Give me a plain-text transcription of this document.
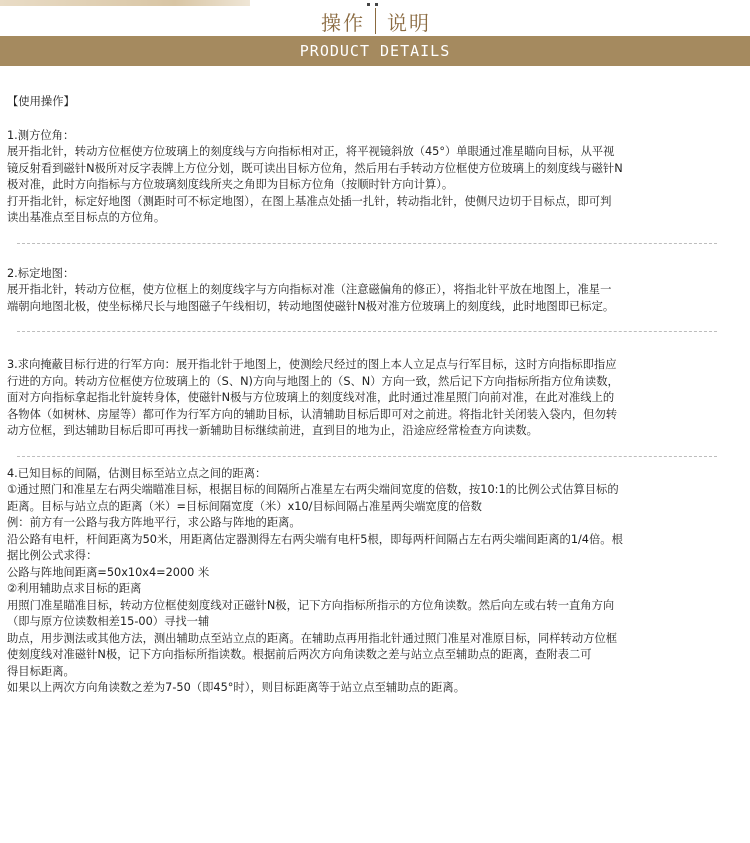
操作 说明
PRODUCT DETAILS

【使用操作】

1.测方位角：

展开指北针，转动方位框使方位玻璃上的刻度线与方向指标相对正，将平视镜斜放（45°）单眼通过准星瞄向目标，从平视

镜反射看到磁针N极所对反字表牌上方位分划，既可读出目标方位角，然后用右手转动方位框使方位玻璃上的刻度线与磁针N

极对准，此时方向指标与方位玻璃刻度线所夹之角即为目标方位角（按顺时针方向计算）。

打开指北针，标定好地图（测距时可不标定地图），在图上基准点处插一扎针，转动指北针，使侧尺边切于目标点，即可判

读出基准点至目标点的方位角。

2.标定地图：

展开指北针，转动方位框，使方位框上的刻度线字与方向指标对准（注意磁偏角的修正），将指北针平放在地图上，准星一

端朝向地图北极，使坐标梯尺长与地图磁子午线相切，转动地图使磁针N极对准方位玻璃上的刻度线，此时地图即已标定。

3.求向掩蔽目标行进的行军方向：展开指北针于地图上，使测绘尺经过的图上本人立足点与行军目标，这时方向指标即指应

行进的方向。转动方位框使方位玻璃上的（S、N)方向与地图上的（S、N）方向一致，然后记下方向指标所指方位角读数，

面对方向指标拿起指北针旋转身体，使磁针N极与方位玻璃上的刻度线对准，此时通过准星照门向前对准，在此对准线上的

各物体（如树林、房屋等）都可作为行军方向的辅助目标，认清辅助目标后即可对之前进。将指北针关闭装入袋内，但勿转

动方位框，到达辅助目标后即可再找一新辅助目标继续前进，直到目的地为止，沿途应经常检查方向读数。

4.已知目标的间隔，估测目标至站立点之间的距离：

①通过照门和准星左右两尖端瞄准目标，根据目标的间隔所占准星左右两尖端间宽度的倍数，按10:1的比例公式估算目标的

距离。目标与站立点的距离（米）=目标间隔宽度（米）x10/目标间隔占准星两尖端宽度的倍数

例：前方有一公路与我方阵地平行，求公路与阵地的距离。

沿公路有电杆，杆间距离为50米，用距离估定器测得左右两尖端有电杆5根，即每两杆间隔占左右两尖端间距离的1/4倍。根

据比例公式求得：

公路与阵地间距离=50x10x4=2000 米

②利用辅助点求目标的距离

用照门准星瞄准目标，转动方位框使刻度线对正磁针N极，记下方向指标所指示的方位角读数。然后向左或右转一直角方向

（即与原方位读数相差15-00）寻找一辅

助点，用步测法或其他方法，测出辅助点至站立点的距离。在辅助点再用指北针通过照门准星对准原目标，同样转动方位框

使刻度线对准磁针N极，记下方向指标所指读数。根据前后两次方向角读数之差与站立点至辅助点的距离，查附表二可

得目标距离。

如果以上两次方向角读数之差为7-50（即45°时），则目标距离等于站立点至辅助点的距离。
